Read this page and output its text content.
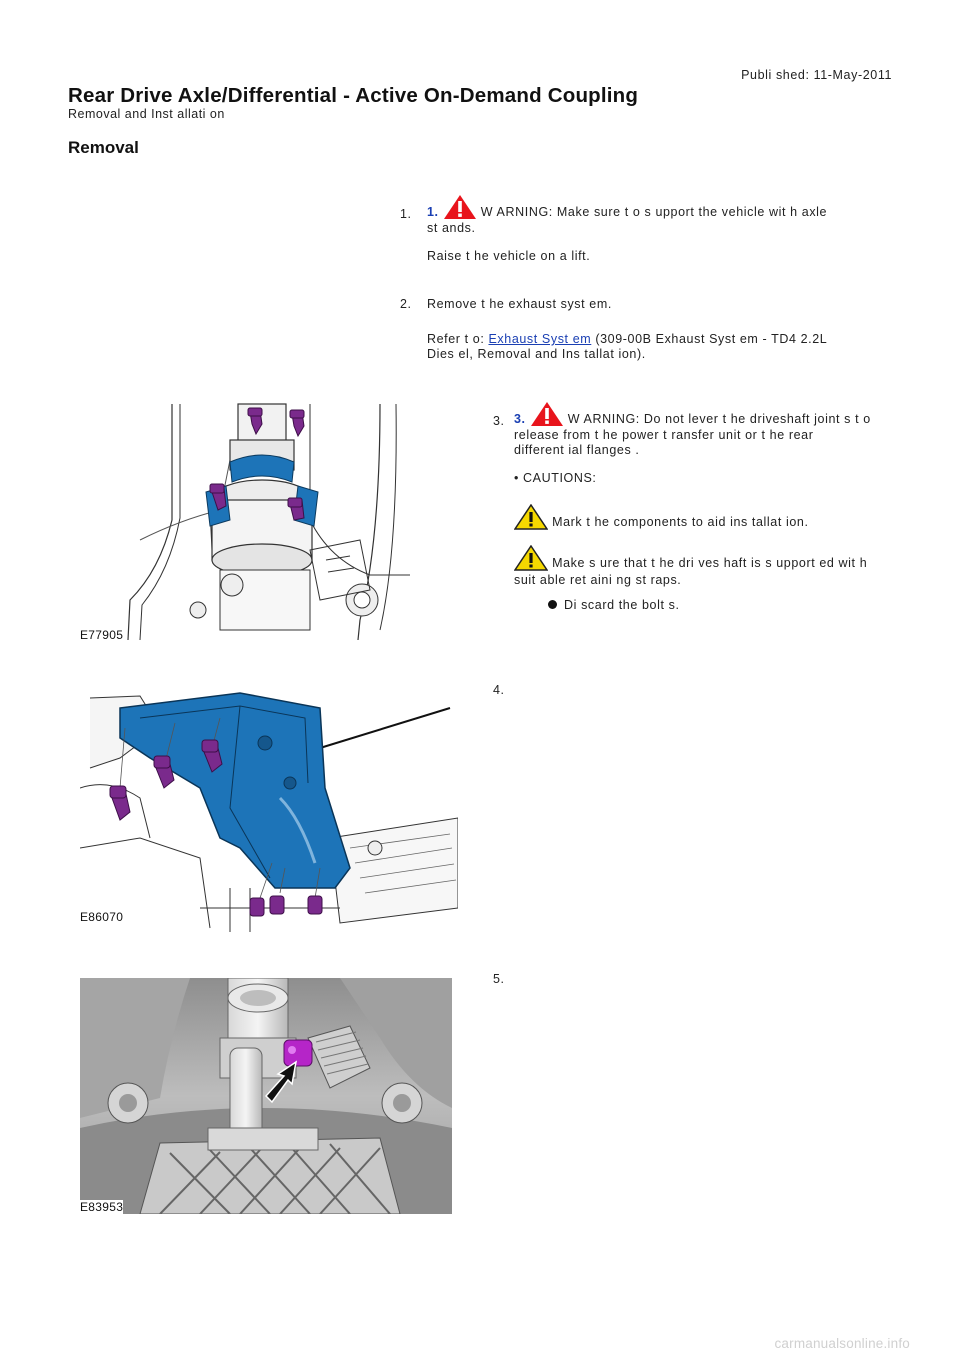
Publi shed: 11-May-2011
Rear Drive Axle/Differential - Active On-Demand Coupling
Removal and Inst allati on
Removal
1. 1.	W ARNING: Make sure t o s upport the vehicle wit h axle
st ands.
Raise t he vehicle on a lift.
2. Remove t he exhaust syst em.
Refer t o: Exhaust Syst em (309-00B Exhaust Syst em - TD4 2.2L
Dies el, Removal and Ins tallat ion).
E77905
3. 3.	W ARNING: Do not lever t he driveshaft joint s t o
release from t he power t ransfer unit or t he rear
different ial flanges .
• CAUTIONS:
Mark t he components to aid ins tallat ion.
Make s ure that t he dri ves haft is s upport ed wit h
suit able ret aini ng st raps.
Di scard the bolt s.
E86070
4.
E83953
5.
carmanualsonline.info
